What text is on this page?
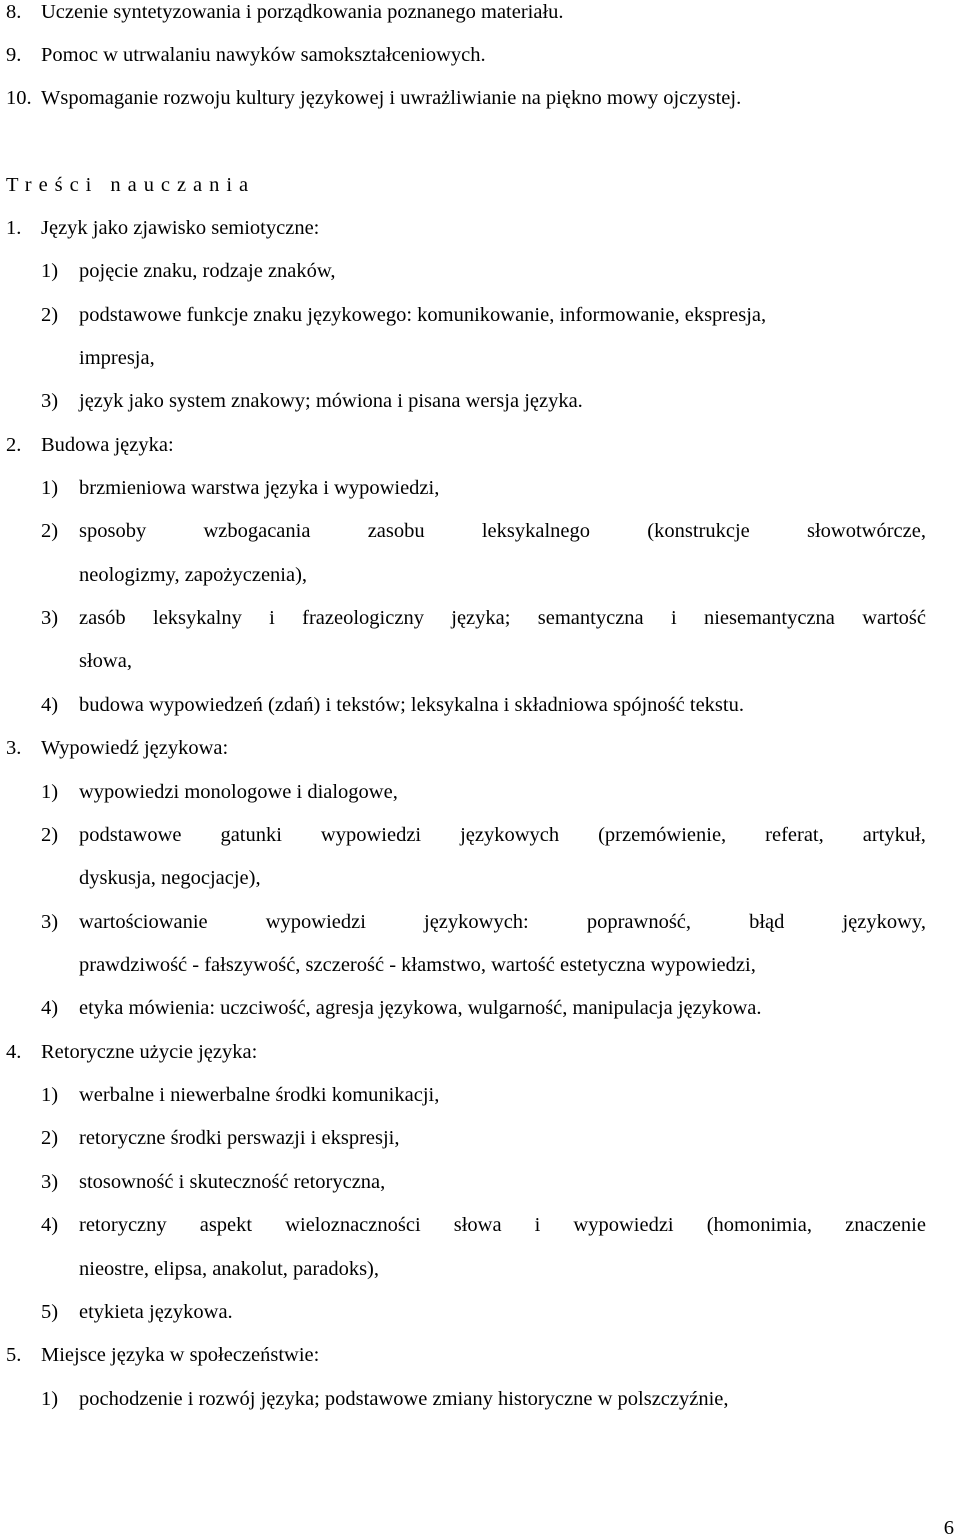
8. Uczenie syntetyzowania i porządkowania poznanego materiału.
9. Pomoc w utrwalaniu nawyków samokształceniowych.
10. Wspomaganie rozwoju kultury językowej i uwrażliwianie na piękno mowy ojczystej.
Treści nauczania
1. Język jako zjawisko semiotyczne:
1) pojęcie znaku, rodzaje znaków,
2) podstawowe funkcje znaku językowego: komunikowanie, informowanie, ekspresja,
impresja,
3) język jako system znakowy; mówiona i pisana wersja języka.
2. Budowa języka:
1) brzmieniowa warstwa języka i wypowiedzi,
2) sposoby	wzbogacania	zasobu	leksykalnego	(konstrukcje	słowotwórcze,
neologizmy, zapożyczenia),
3) zasób leksykalny i frazeologiczny języka; semantyczna i niesemantyczna wartość
słowa,
4) budowa wypowiedzeń (zdań) i tekstów; leksykalna i składniowa spójność tekstu.
3. Wypowiedź językowa:
1) wypowiedzi monologowe i dialogowe,
2) podstawowe gatunki wypowiedzi językowych (przemówienie, referat, artykuł,
dyskusja, negocjacje),
3) wartościowanie	wypowiedzi	językowych:	poprawność,	błąd	językowy,
prawdziwość - fałszywość, szczerość - kłamstwo, wartość estetyczna wypowiedzi,
4) etyka mówienia: uczciwość, agresja językowa, wulgarność, manipulacja językowa.
4. Retoryczne użycie języka:
1) werbalne i niewerbalne środki komunikacji,
2) retoryczne środki perswazji i ekspresji,
3) stosowność i skuteczność retoryczna,
4) retoryczny aspekt wieloznaczności słowa i wypowiedzi (homonimia, znaczenie
nieostre, elipsa, anakolut, paradoks),
5) etykieta językowa.
5. Miejsce języka w społeczeństwie:
1) pochodzenie i rozwój języka; podstawowe zmiany historyczne w polszczyźnie,
6
